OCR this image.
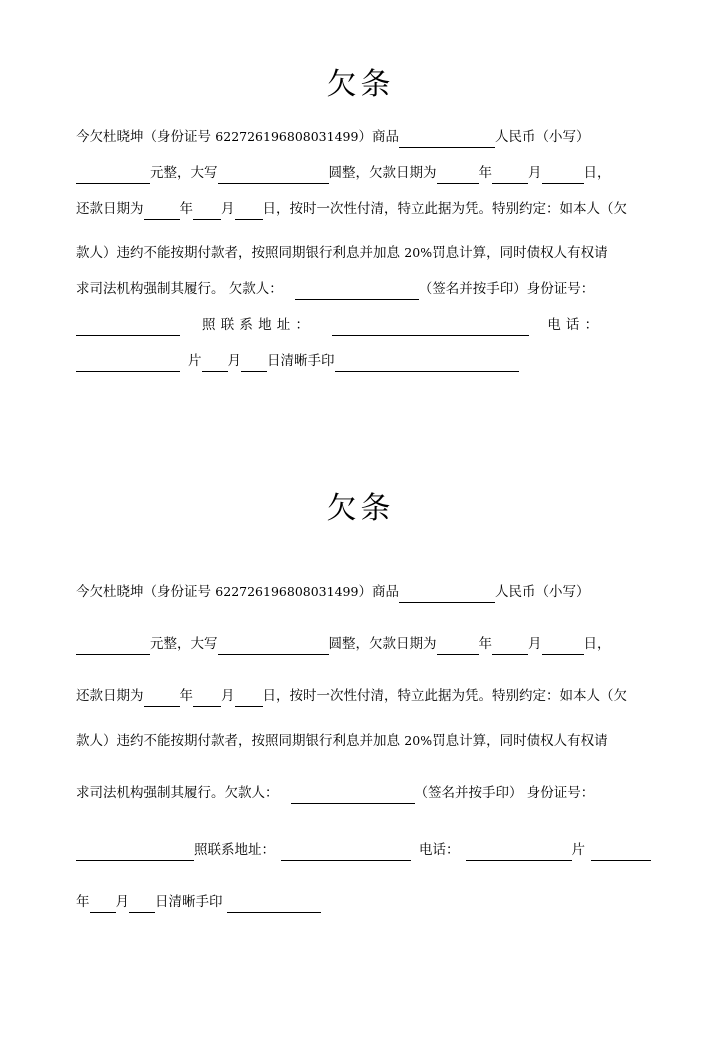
欠条
今欠杜晓坤（身份证号 622726196808031499）商品	人民币（小写）
元整，大写	圆整，欠款日期为	年	月	日，
还款日期为	年 月 日，按时一次性付清，特立此据为凭。特别约定：如本人（欠
款人）违约不能按期付款者，按照同期银行利息并加息 20%罚息计算，同时债权人有权请
求司法机构强制其履行。 欠款人：	（签名并按手印）身份证号：
照联系地址：	电话：
片 月 日清晰手印
欠条
今欠杜晓坤（身份证号 622726196808031499）商品	人民币（小写）
元整，大写	圆整，欠款日期为	年	月	日，
还款日期为	年 月 日，按时一次性付清，特立此据为凭。特别约定：如本人（欠
款人）违约不能按期付款者，按照同期银行利息并加息 20%罚息计算，同时债权人有权请
求司法机构强制其履行。欠款人：	（签名并按手印） 身份证号：
照联系地址：	电话：	片
年 月 日清晰手印
